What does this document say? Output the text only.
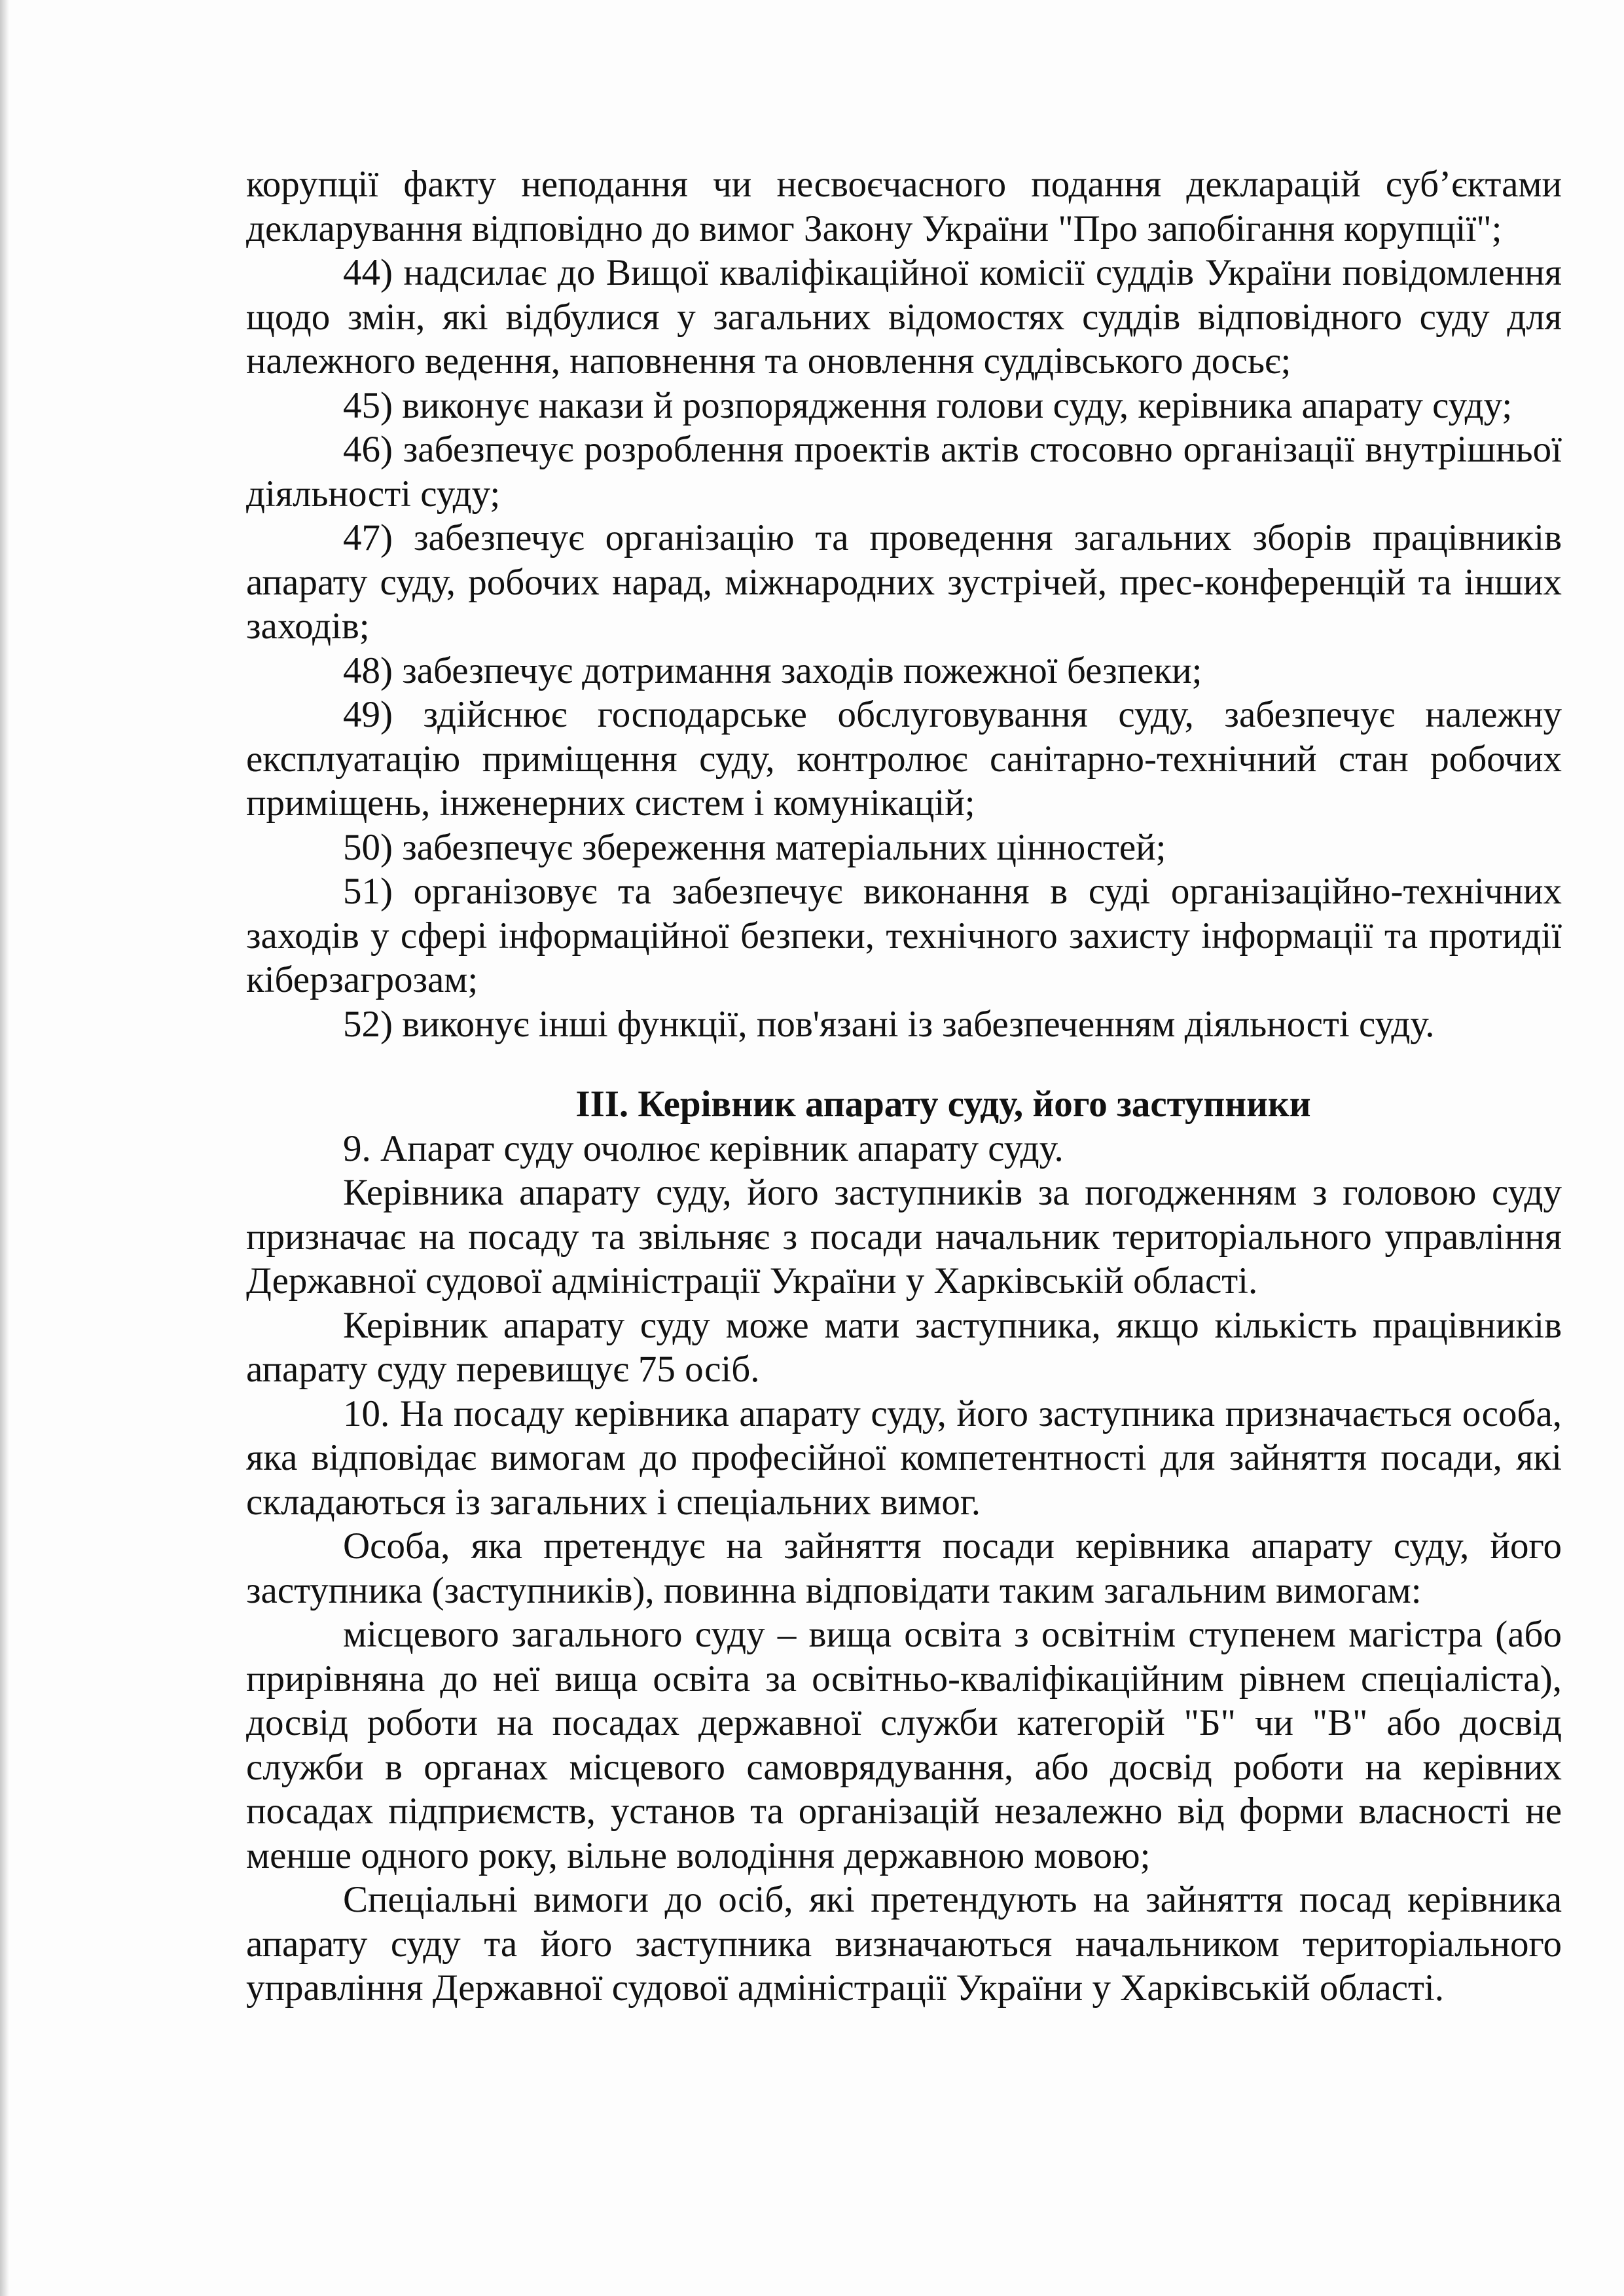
корупції факту неподання чи несвоєчасного подання декларацій суб’єктами декларування відповідно до вимог Закону України "Про запобігання корупції";

44) надсилає до Вищої кваліфікаційної комісії суддів України повідомлення щодо змін, які відбулися у загальних відомостях суддів відповідного суду для належного ведення, наповнення та оновлення суддівського досьє;

45) виконує накази й розпорядження голови суду, керівника апарату суду;

46) забезпечує розроблення проектів актів стосовно організації внутрішньої діяльності суду;

47) забезпечує організацію та проведення загальних зборів працівників апарату суду, робочих нарад, міжнародних зустрічей, прес-конференцій та інших заходів;

48) забезпечує дотримання заходів пожежної безпеки;

49) здійснює господарське обслуговування суду, забезпечує належну експлуатацію приміщення суду, контролює санітарно-технічний стан робочих приміщень, інженерних систем і комунікацій;

50) забезпечує збереження матеріальних цінностей;

51) організовує та забезпечує виконання в суді організаційно-технічних заходів у сфері інформаційної безпеки, технічного захисту інформації та протидії кіберзагрозам;

52) виконує інші функції, пов'язані із забезпеченням діяльності суду.

ІІІ. Керівник апарату суду, його заступники

9. Апарат суду очолює керівник апарату суду.

Керівника апарату суду, його заступників за погодженням з головою суду призначає на посаду та звільняє з посади начальник територіального управління Державної судової адміністрації України у Харківській області.

Керівник апарату суду може мати заступника, якщо кількість працівників апарату суду перевищує 75 осіб.

10. На посаду керівника апарату суду, його заступника призначається особа, яка відповідає вимогам до професійної компетентності для зайняття посади, які складаються із загальних і спеціальних вимог.

Особа, яка претендує на зайняття посади керівника апарату суду, його заступника (заступників), повинна відповідати таким загальним вимогам:

місцевого загального суду – вища освіта з освітнім ступенем магістра (або прирівняна до неї вища освіта за освітньо-кваліфікаційним рівнем спеціаліста), досвід роботи на посадах державної служби категорій "Б" чи "В" або досвід служби в органах місцевого самоврядування, або досвід роботи на керівних посадах підприємств, установ та організацій незалежно від форми власності не менше одного року, вільне володіння державною мовою;

Спеціальні вимоги до осіб, які претендують на зайняття посад керівника апарату суду та його заступника визначаються начальником територіального управління Державної судової адміністрації України у Харківській області.
